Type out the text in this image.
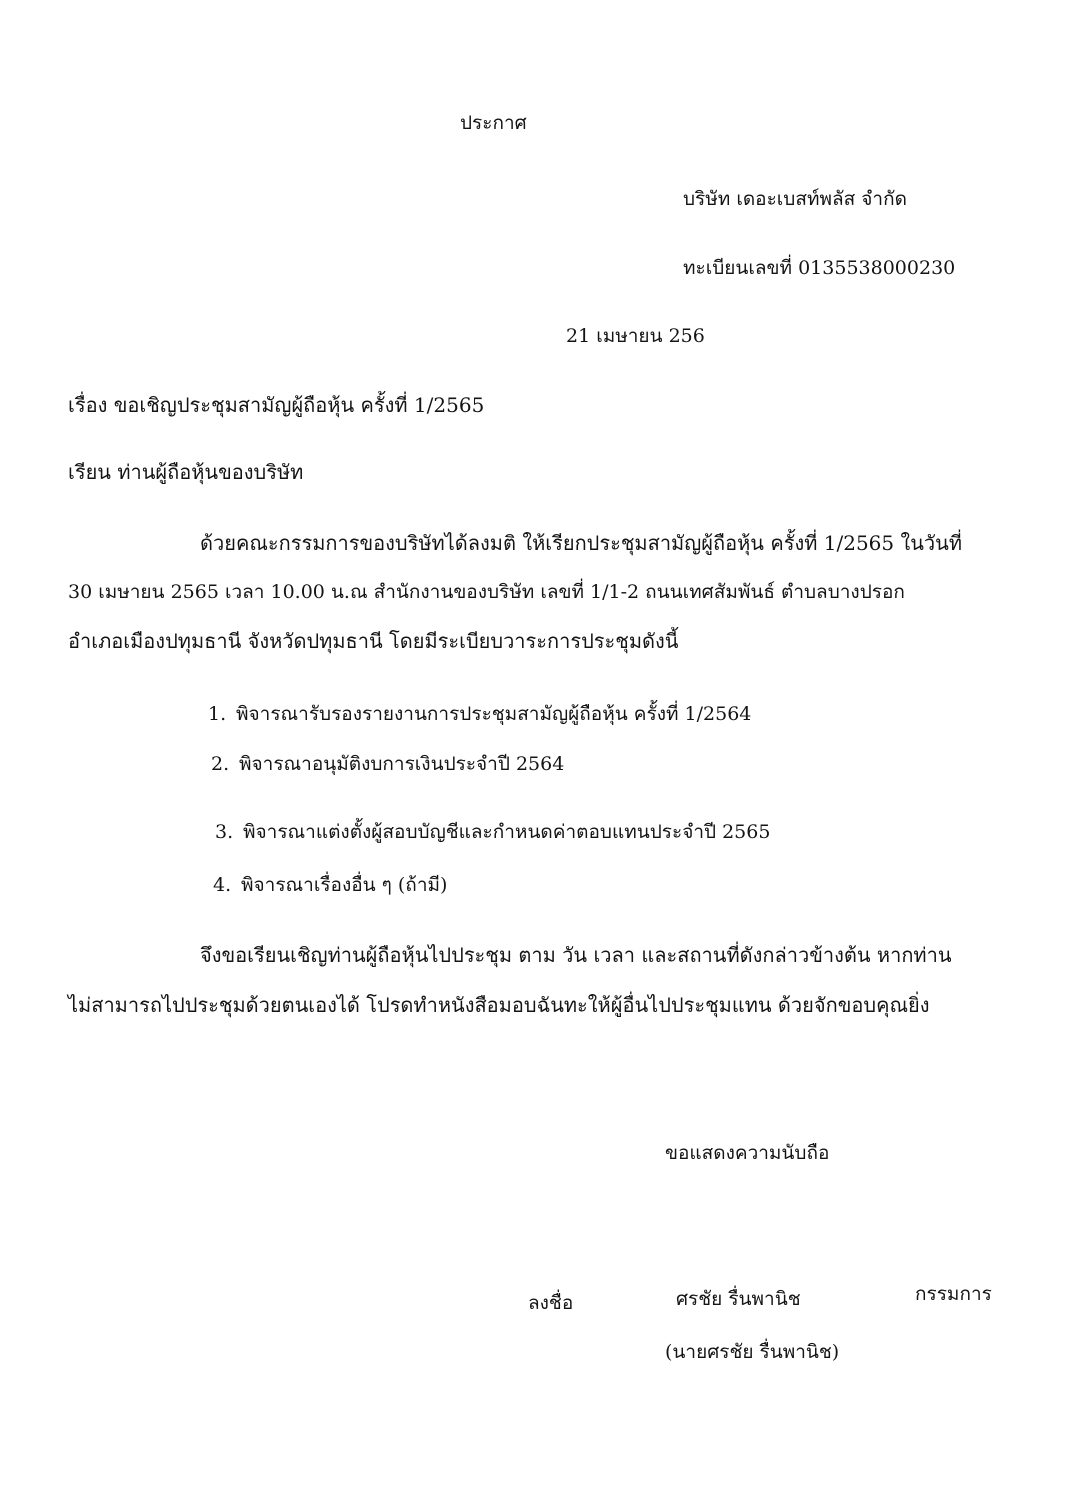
ประกาศ
บริษัท เดอะเบสท์พลัส จำกัด
ทะเบียนเลขที่ 0135538000230
21 เมษายน 256
เรื่อง ขอเชิญประชุมสามัญผู้ถือหุ้น ครั้งที่ 1/2565
เรียน ท่านผู้ถือหุ้นของบริษัท
ด้วยคณะกรรมการของบริษัทได้ลงมติ ให้เรียกประชุมสามัญผู้ถือหุ้น ครั้งที่ 1/2565 ในวันที่
30 เมษายน 2565 เวลา 10.00 น.ณ สำนักงานของบริษัท เลขที่ 1/1-2 ถนนเทศสัมพันธ์ ตำบลบางปรอก
อำเภอเมืองปทุมธานี จังหวัดปทุมธานี โดยมีระเบียบวาระการประชุมดังนี้
1. พิจารณารับรองรายงานการประชุมสามัญผู้ถือหุ้น ครั้งที่ 1/2564
2. พิจารณาอนุมัติงบการเงินประจำปี 2564
3. พิจารณาแต่งตั้งผู้สอบบัญชีและกำหนดค่าตอบแทนประจำปี 2565
4. พิจารณาเรื่องอื่น ๆ (ถ้ามี)
จึงขอเรียนเชิญท่านผู้ถือหุ้นไปประชุม ตาม วัน เวลา และสถานที่ดังกล่าวข้างต้น หากท่าน
ไม่สามารถไปประชุมด้วยตนเองได้ โปรดทำหนังสือมอบฉันทะให้ผู้อื่นไปประชุมแทน ด้วยจักขอบคุณยิ่ง
ขอแสดงความนับถือ
ลงชื่อ	ศรชัย รื่นพานิช	กรรมการ
(นายศรชัย รื่นพานิช)
